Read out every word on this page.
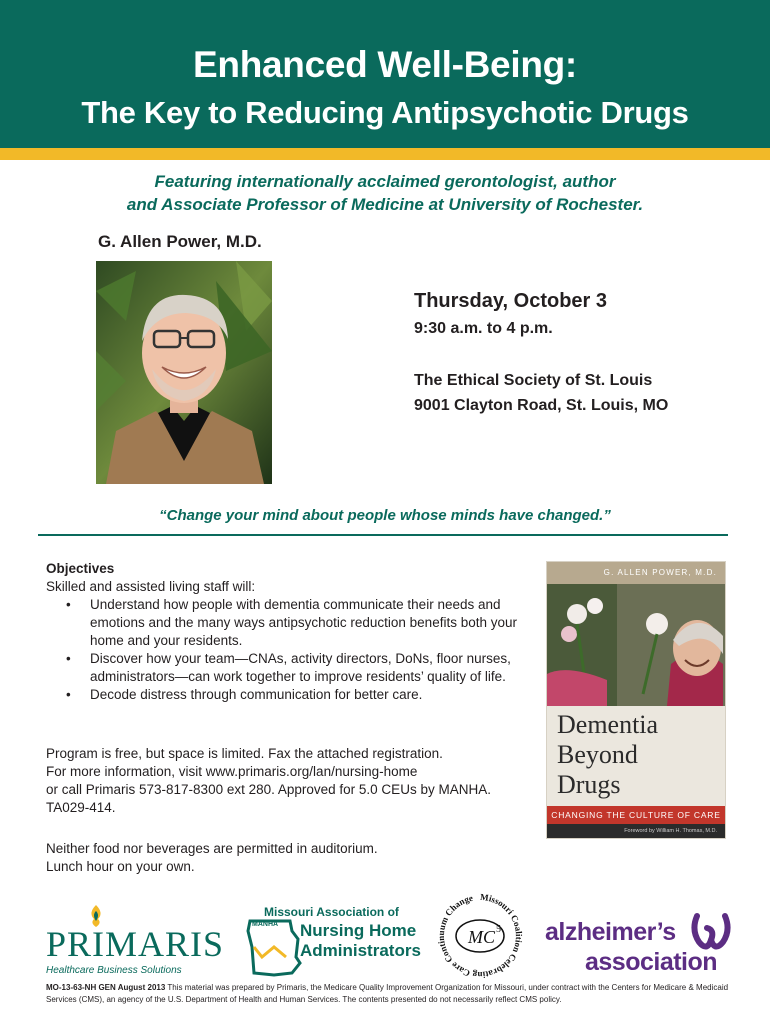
Enhanced Well-Being:
The Key to Reducing Antipsychotic Drugs
Featuring internationally acclaimed gerontologist, author
and Associate Professor of Medicine at University of Rochester.
G. Allen Power, M.D.
Thursday, October 3
9:30 a.m. to 4 p.m.
The Ethical Society of St. Louis
9001 Clayton Road, St. Louis, MO
“Change your mind about people whose minds have changed.”
Objectives
Skilled and assisted living staff will:
• Understand how people with dementia communicate their needs and emotions and the many ways antipsychotic reduction benefits both your home and your residents.
• Discover how your team—CNAs, activity directors, DoNs, floor nurses, administrators—can work together to improve residents’ quality of life.
• Decode distress through communication for better care.
Program is free, but space is limited. Fax the attached registration.
For more information, visit www.primaris.org/lan/nursing-home
or call Primaris 573-817-8300 ext 280. Approved for 5.0 CEUs by MANHA.
TA029-414.
Neither food nor beverages are permitted in auditorium.
Lunch hour on your own.
G. ALLEN POWER, M.D.
Dementia
Beyond
Drugs
CHANGING THE CULTURE OF CARE
Foreword by William H. Thomas, M.D.
PRIMARIS
Healthcare Business Solutions
Missouri Association of
MANHA Nursing Home
Administrators
Missouri Coalition Celebrating Care Continuum Change
MC 5 alzheimer’s
association
MO-13-63-NH GEN August 2013 This material was prepared by Primaris, the Medicare Quality Improvement Organization for Missouri, under contract with the Centers for Medicare & Medicaid Services (CMS), an agency of the U.S. Department of Health and Human Services. The contents presented do not necessarily reflect CMS policy.
